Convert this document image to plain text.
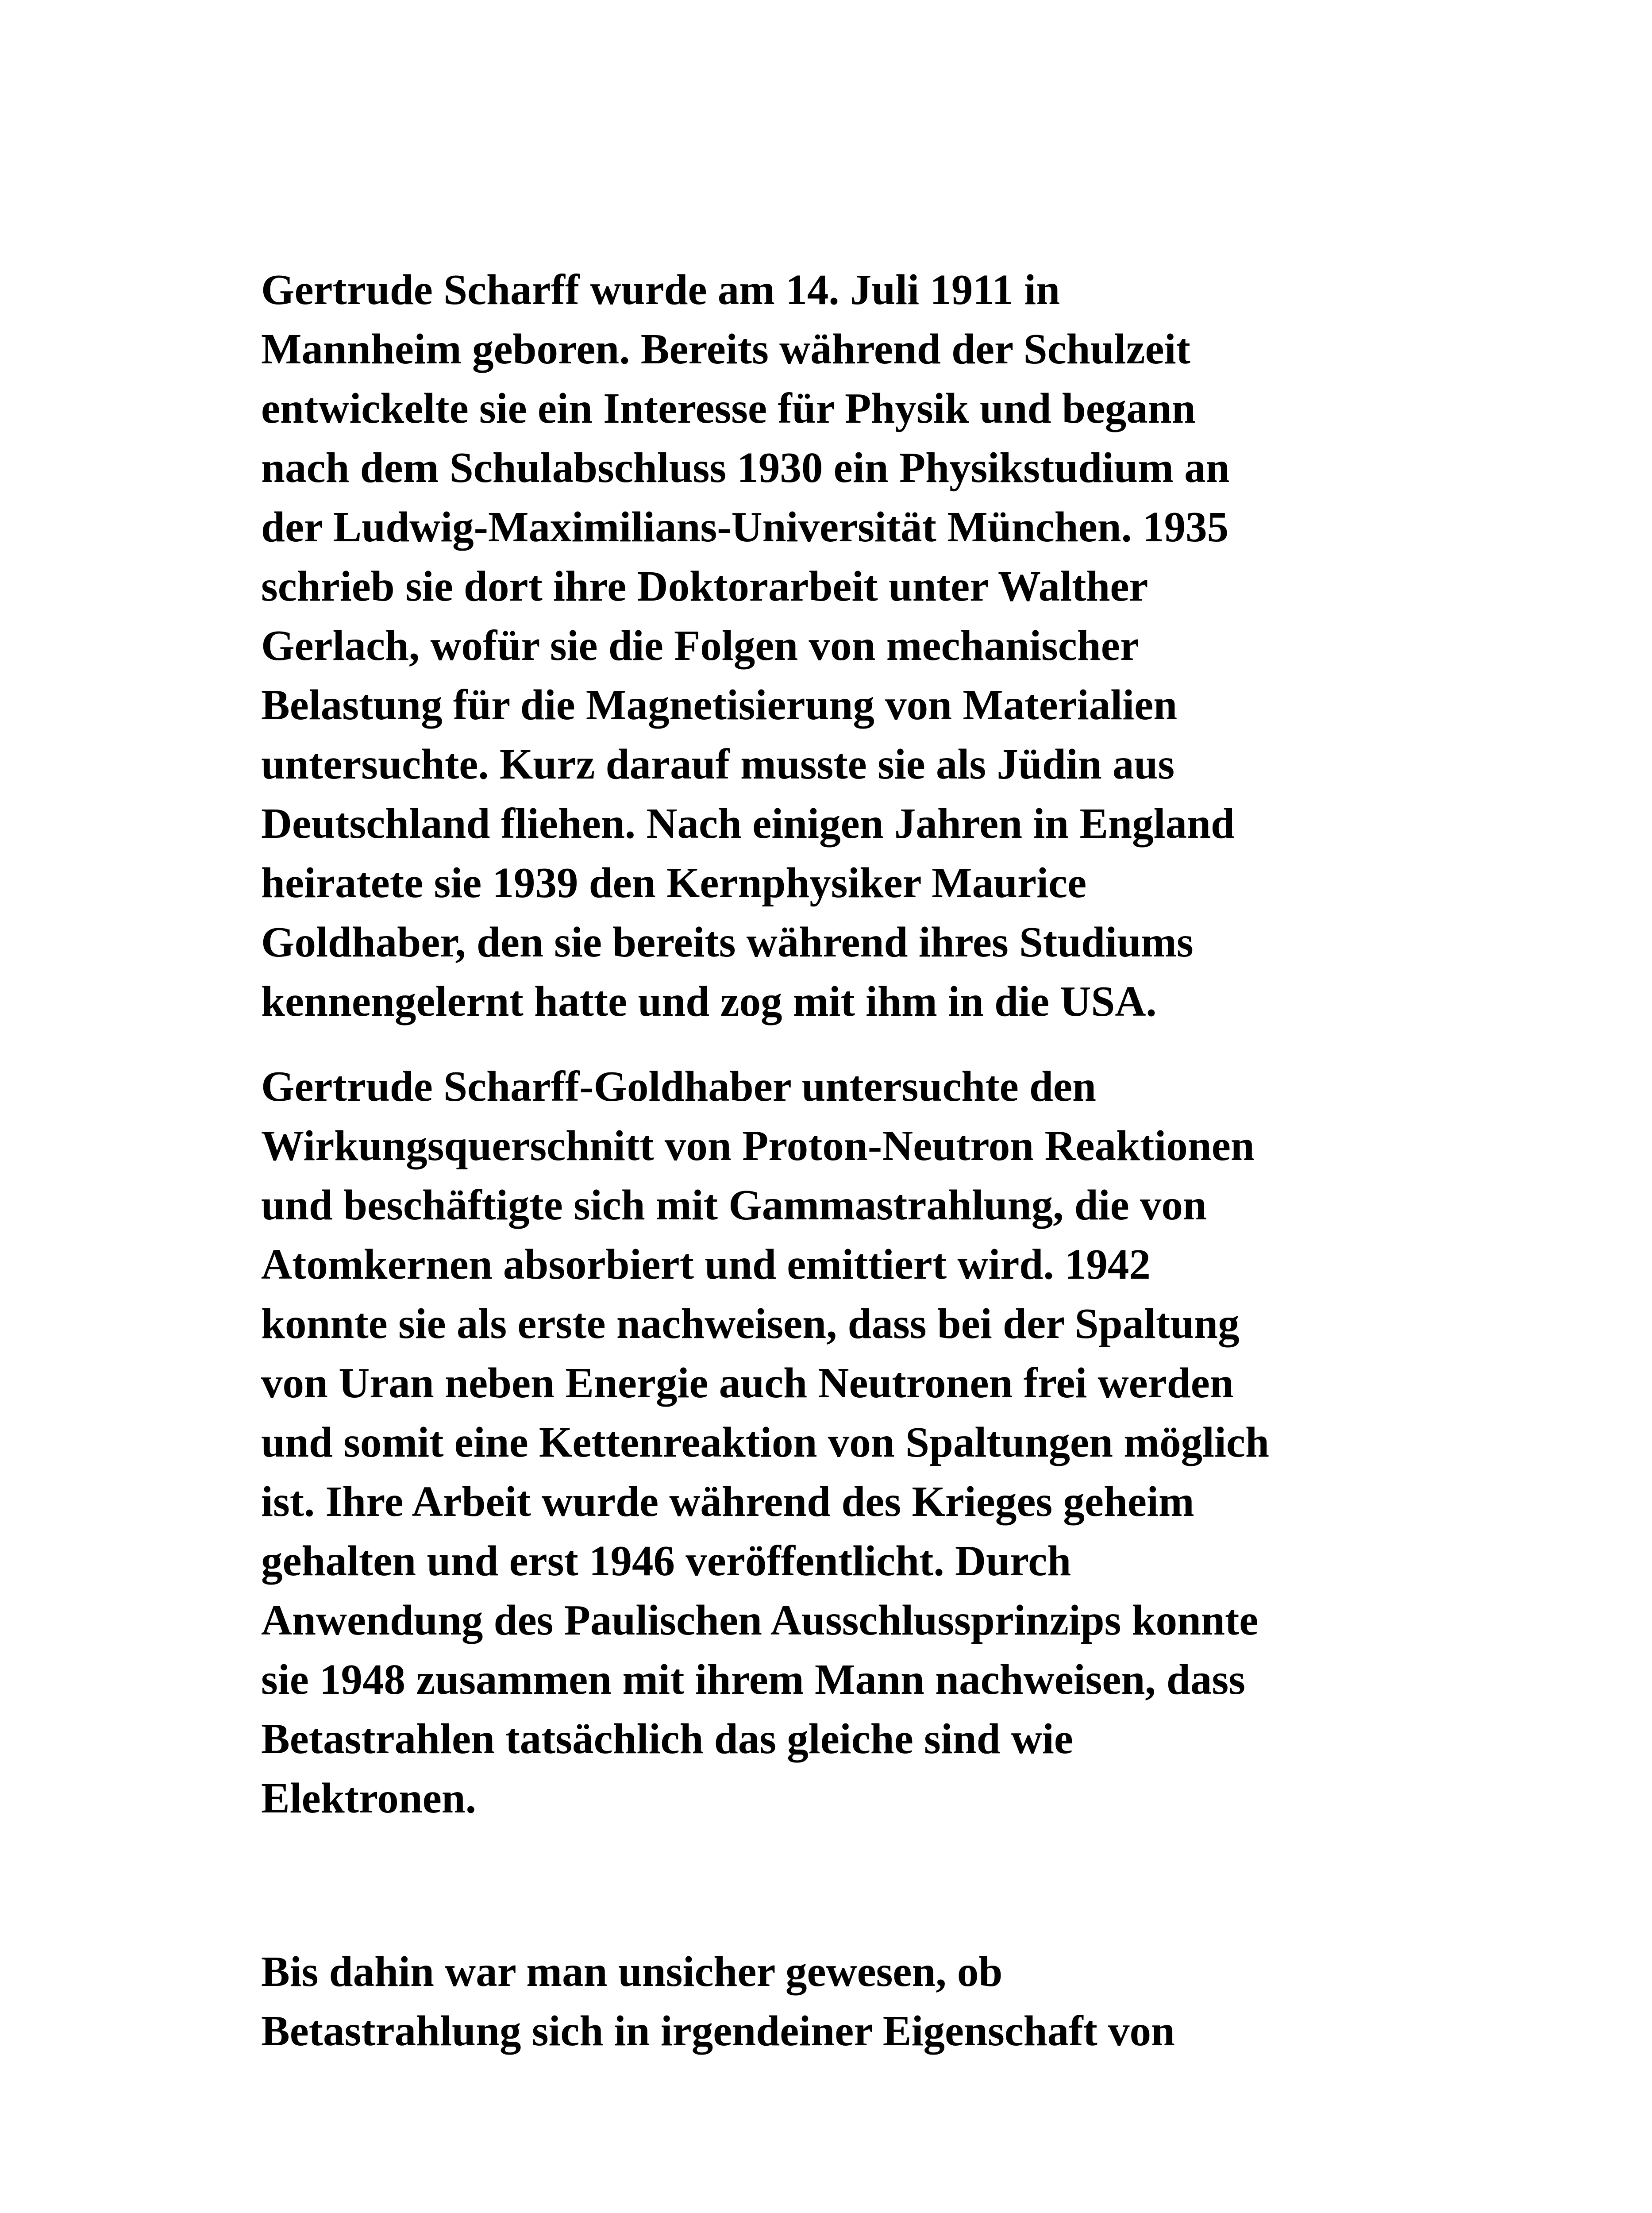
Gertrude Scharff wurde am 14. Juli 1911 in
Mannheim geboren. Bereits während der Schulzeit
entwickelte sie ein Interesse für Physik und begann
nach dem Schulabschluss 1930 ein Physikstudium an
der Ludwig-Maximilians-Universität München. 1935
schrieb sie dort ihre Doktorarbeit unter Walther
Gerlach, wofür sie die Folgen von mechanischer
Belastung für die Magnetisierung von Materialien
untersuchte. Kurz darauf musste sie als Jüdin aus
Deutschland fliehen. Nach einigen Jahren in England
heiratete sie 1939 den Kernphysiker Maurice
Goldhaber, den sie bereits während ihres Studiums
kennengelernt hatte und zog mit ihm in die USA.

Gertrude Scharff-Goldhaber untersuchte den
Wirkungsquerschnitt von Proton-Neutron Reaktionen
und beschäftigte sich mit Gammastrahlung, die von
Atomkernen absorbiert und emittiert wird. 1942
konnte sie als erste nachweisen, dass bei der Spaltung
von Uran neben Energie auch Neutronen frei werden
und somit eine Kettenreaktion von Spaltungen möglich
ist. Ihre Arbeit wurde während des Krieges geheim
gehalten und erst 1946 veröffentlicht. Durch
Anwendung des Paulischen Ausschlussprinzips konnte
sie 1948 zusammen mit ihrem Mann nachweisen, dass
Betastrahlen tatsächlich das gleiche sind wie
Elektronen.

Bis dahin war man unsicher gewesen, ob
Betastrahlung sich in irgendeiner Eigenschaft von
